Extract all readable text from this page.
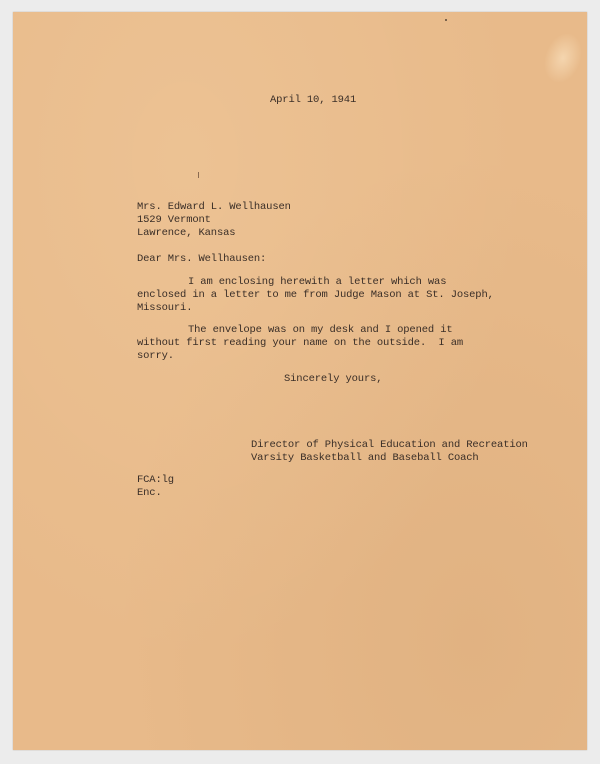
April 10, 1941
Mrs. Edward L. Wellhausen
1529 Vermont
Lawrence, Kansas
Dear Mrs. Wellhausen:
I am enclosing herewith a letter which was
enclosed in a letter to me from Judge Mason at St. Joseph,
Missouri.
The envelope was on my desk and I opened it
without first reading your name on the outside.  I am
sorry.
Sincerely yours,
Director of Physical Education and Recreation
Varsity Basketball and Baseball Coach
FCA:lg
Enc.
